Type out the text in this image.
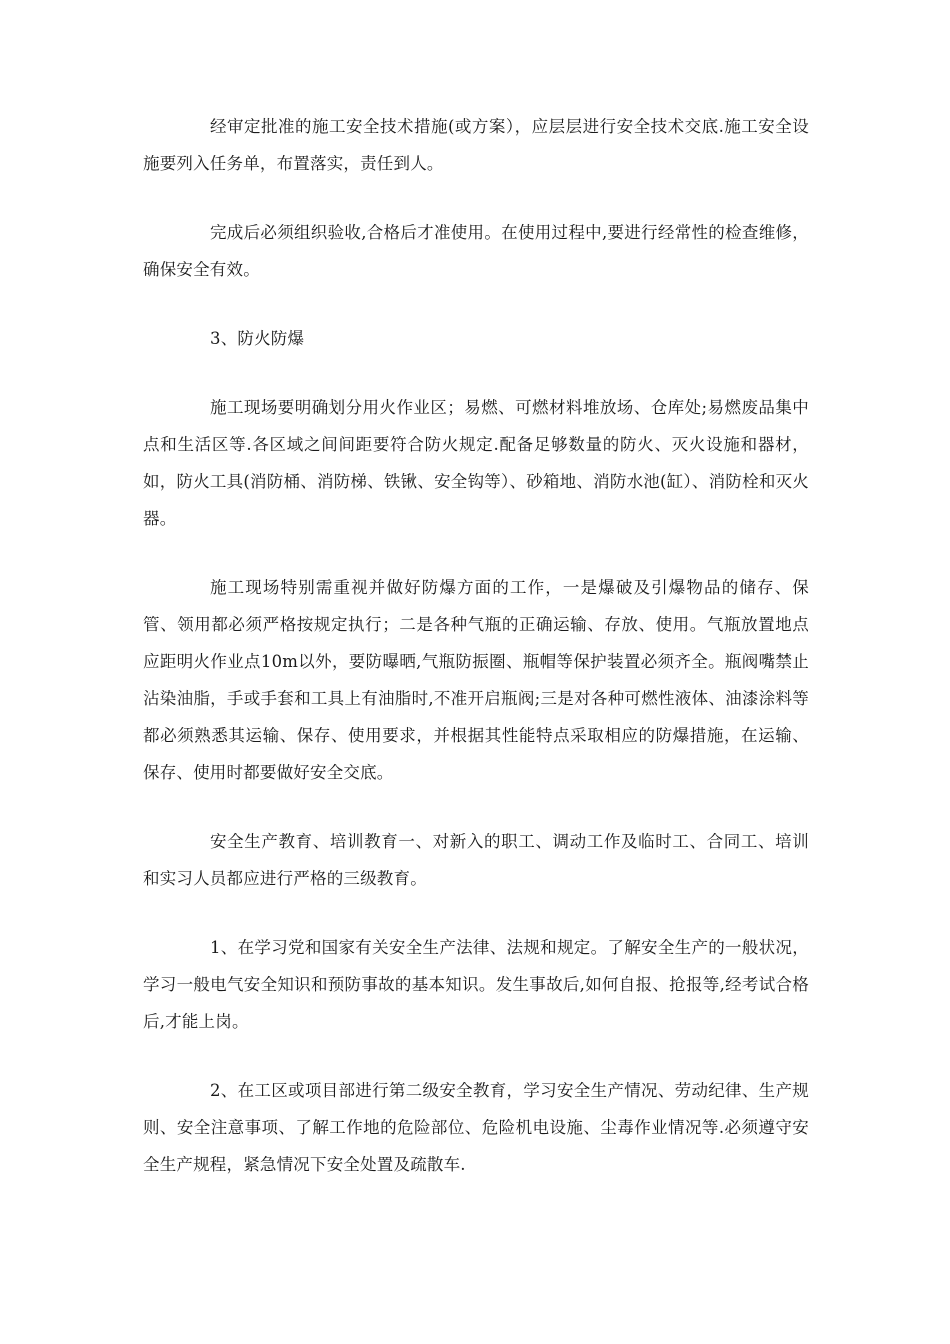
经审定批准的施工安全技术措施(或方案），应层层进行安全技术交底.施工安全设施要列入任务单，布置落实，责任到人。

完成后必须组织验收,合格后才准使用。在使用过程中,要进行经常性的检查维修，确保安全有效。

3、防火防爆

施工现场要明确划分用火作业区；易燃、可燃材料堆放场、仓库处;易燃废品集中点和生活区等.各区域之间间距要符合防火规定.配备足够数量的防火、灭火设施和器材，如，防火工具(消防桶、消防梯、铁锹、安全钩等）、砂箱地、消防水池(缸）、消防栓和灭火器。

施工现场特别需重视并做好防爆方面的工作，一是爆破及引爆物品的储存、保管、领用都必须严格按规定执行；二是各种气瓶的正确运输、存放、使用。气瓶放置地点应距明火作业点10m以外，要防曝晒,气瓶防振圈、瓶帽等保护装置必须齐全。瓶阀嘴禁止沾染油脂，手或手套和工具上有油脂时,不准开启瓶阀;三是对各种可燃性液体、油漆涂料等都必须熟悉其运输、保存、使用要求，并根据其性能特点采取相应的防爆措施，在运输、保存、使用时都要做好安全交底。

安全生产教育、培训教育一、对新入的职工、调动工作及临时工、合同工、培训和实习人员都应进行严格的三级教育。

1、在学习党和国家有关安全生产法律、法规和规定。了解安全生产的一般状况，学习一般电气安全知识和预防事故的基本知识。发生事故后,如何自报、抢报等,经考试合格后,才能上岗。

2、在工区或项目部进行第二级安全教育，学习安全生产情况、劳动纪律、生产规则、安全注意事项、了解工作地的危险部位、危险机电设施、尘毒作业情况等.必须遵守安全生产规程，紧急情况下安全处置及疏散车.
